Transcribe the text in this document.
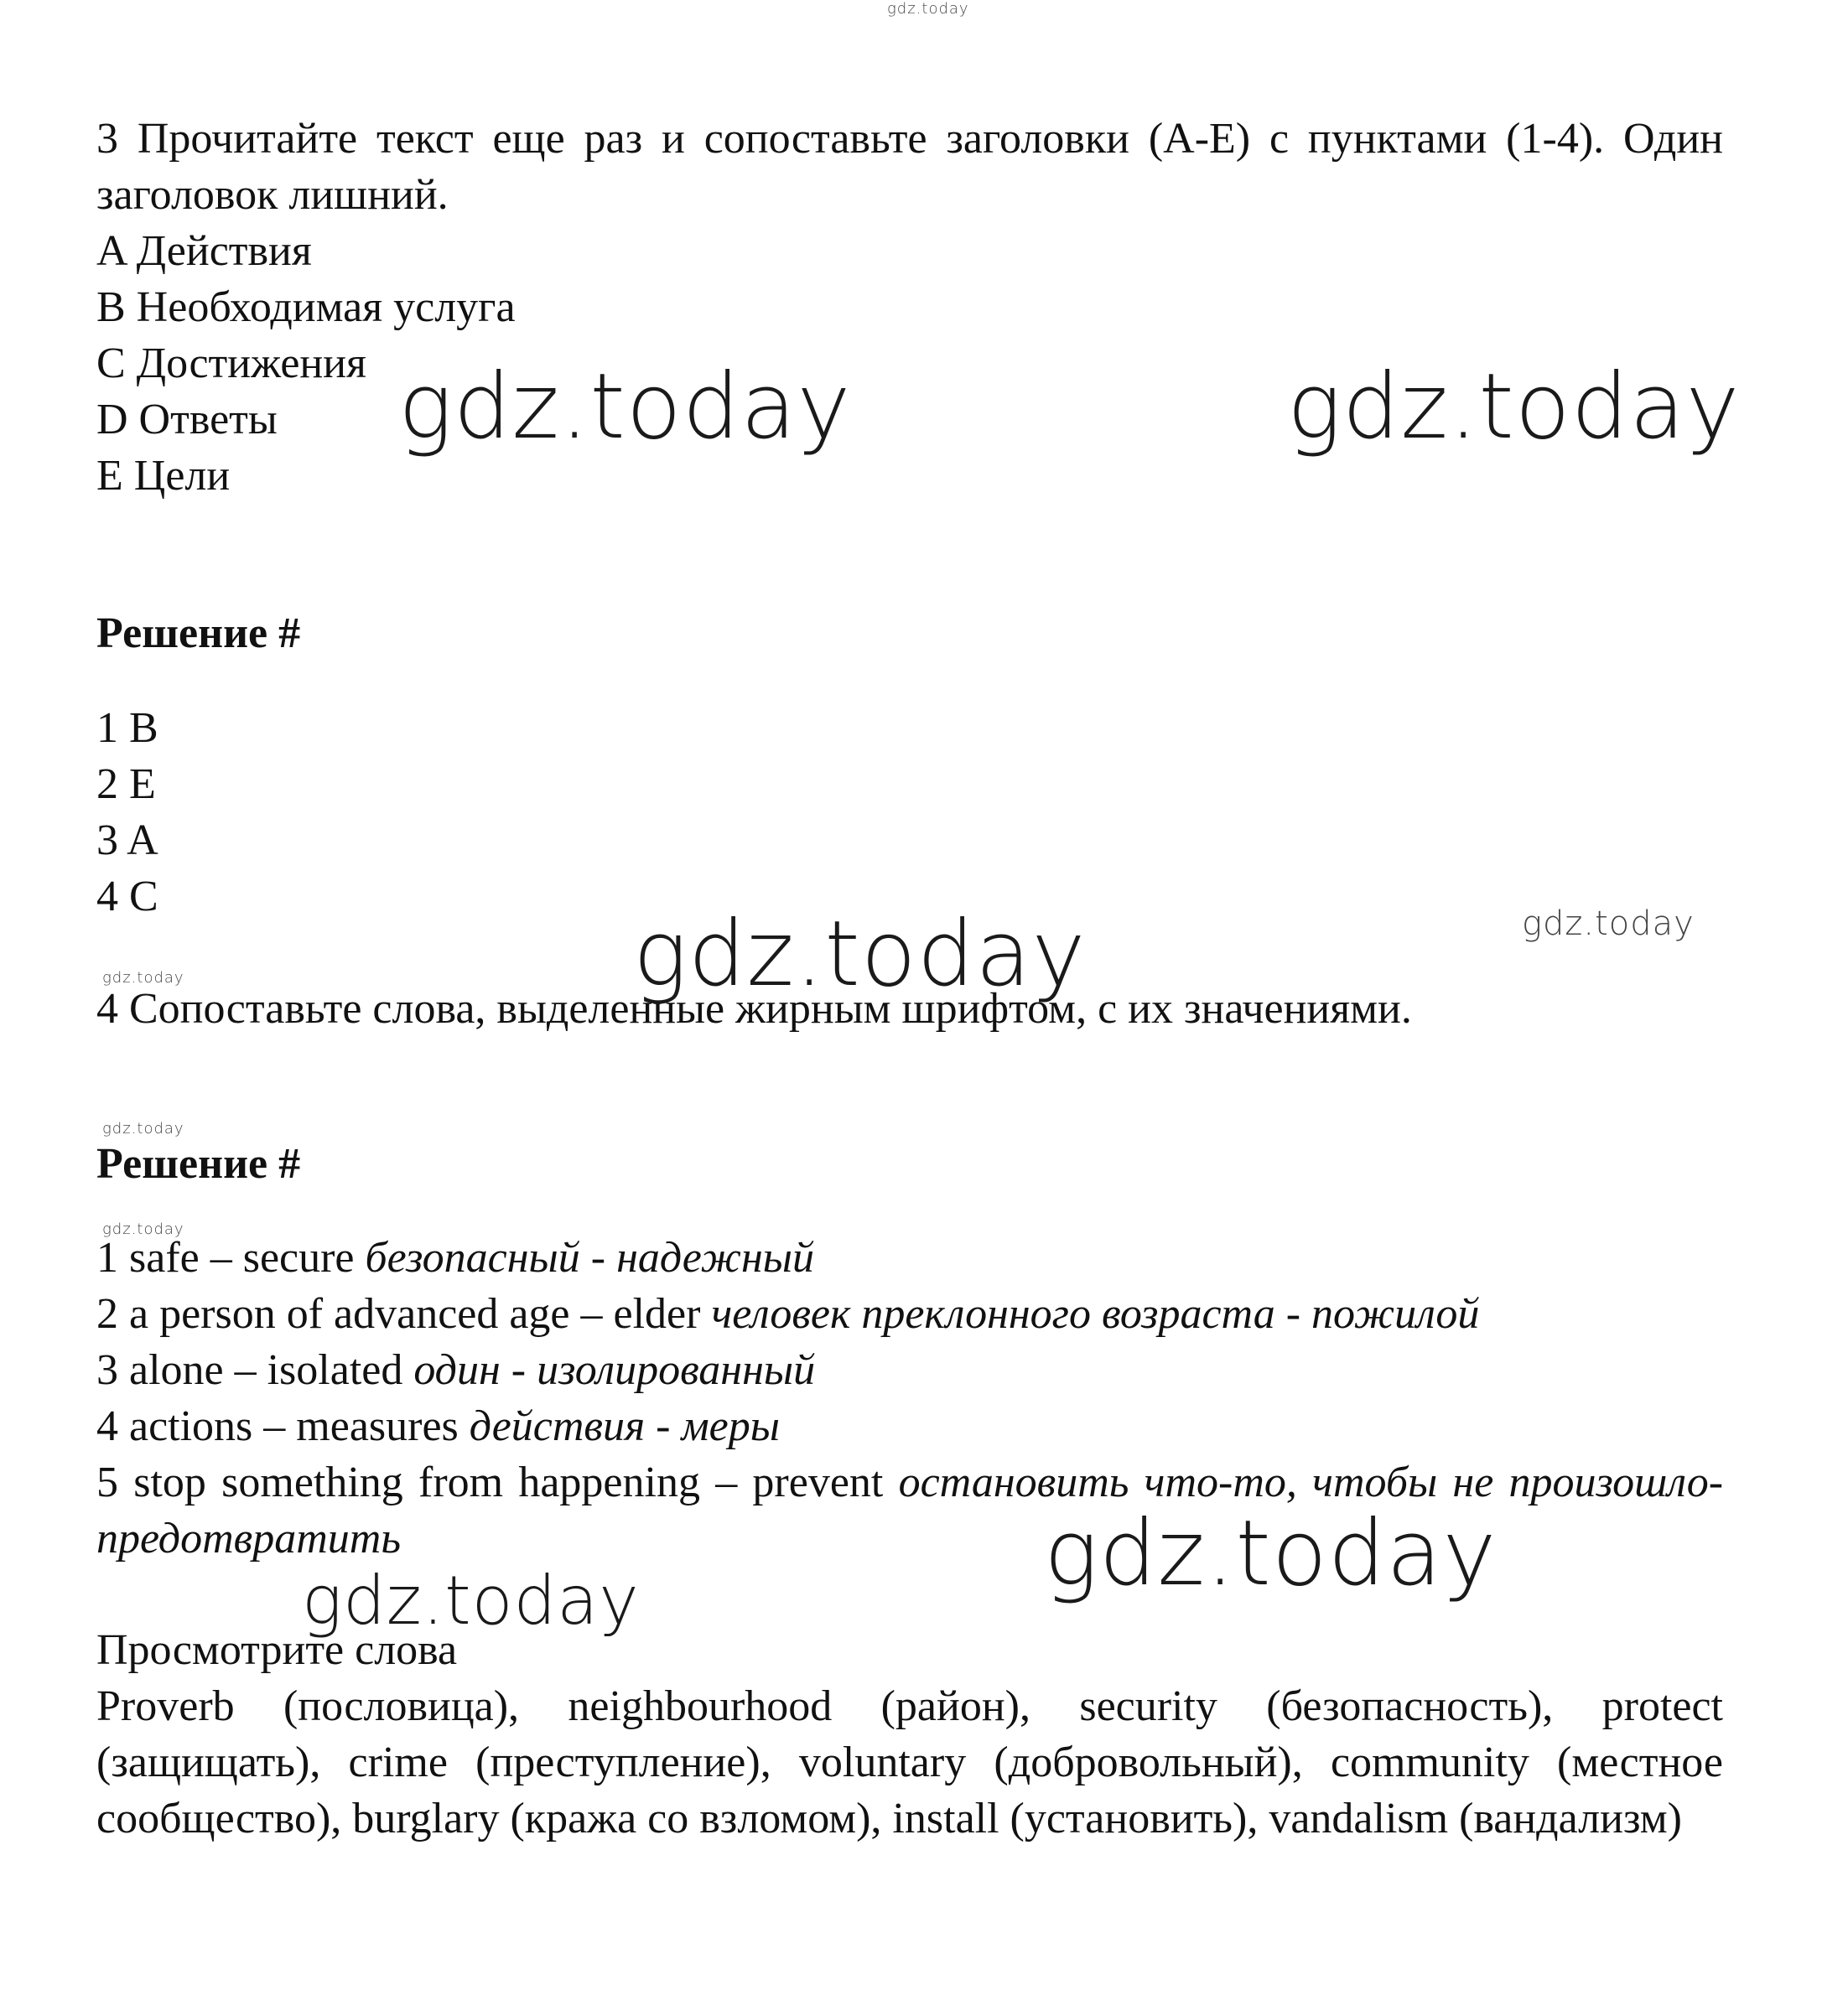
3 Прочитайте текст еще раз и сопоставьте заголовки (A-E) с пунктами (1-4). Один заголовок лишний.
A Действия
B Необходимая услуга
C Достижения
D Ответы
E Цели
Решение #
1 B
2 E
3 A
4 C
4 Сопоставьте слова, выделенные жирным шрифтом, с их значениями.
Решение #
1 safe – secure безопасный - надежный
2 a person of advanced age – elder человек преклонного возраста - пожилой
3 alone – isolated один - изолированный
4 actions – measures действия - меры
5 stop something from happening – prevent остановить что-то, чтобы не произошло- предотвратить
Просмотрите слова
Proverb (пословица), neighbourhood (район), security (безопасность), protect (защищать), crime (преступление), voluntary (добровольный), community (местное сообщество), burglary (кража со взломом), install (установить), vandalism (вандализм)
gdz.today
gdz.today	gdz.today
gdz.today	gdz.today
gdz.today
gdz.today
gdz.today
gdz.today
gdz.today
